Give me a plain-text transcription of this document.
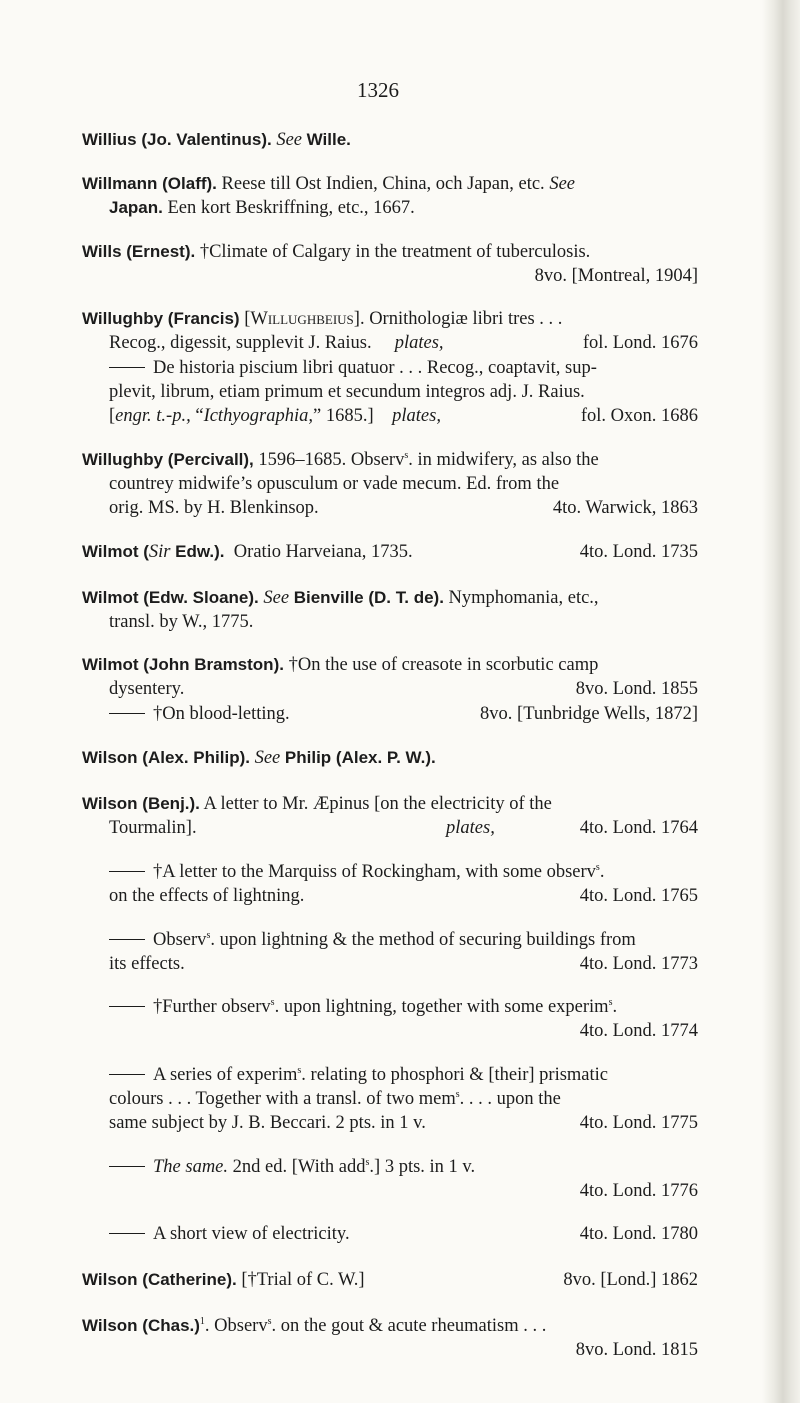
1326
Willius (Jo. Valentinus). See Wille.
Willmann (Olaff). Reese till Ost Indien, China, och Japan, etc. See
Japan. Een kort Beskriffning, etc., 1667.
Wills (Ernest). †Climate of Calgary in the treatment of tuberculosis.
8vo. [Montreal, 1904]
Willughby (Francis) [Willughbeius]. Ornithologiæ libri tres . . .
Recog., digessit, supplevit J. Raius. plates,	fol. Lond. 1676
De historia piscium libri quatuor . . . Recog., coaptavit, sup-
plevit, librum, etiam primum et secundum integros adj. J. Raius.
[engr. t.-p., “Icthyographia,” 1685.] plates,	fol. Oxon. 1686
Willughby (Percivall), 1596–1685. Observ$^s$. in midwifery, as also the
countrey midwife’s opusculum or vade mecum. Ed. from the
orig. MS. by H. Blenkinsop.	4to. Warwick, 1863
Wilmot (Sir Edw.). Oratio Harveiana, 1735.	4to. Lond. 1735
Wilmot (Edw. Sloane). See Bienville (D. T. de). Nymphomania, etc.,
transl. by W., 1775.
Wilmot (John Bramston). †On the use of creasote in scorbutic camp
dysentery.	8vo. Lond. 1855
†On blood-letting.	8vo. [Tunbridge Wells, 1872]
Wilson (Alex. Philip). See Philip (Alex. P. W.).
Wilson (Benj.). A letter to Mr. Æpinus [on the electricity of the
Tourmalin].	plates,	4to. Lond. 1764
†A letter to the Marquiss of Rockingham, with some observ$^s$.
on the effects of lightning.	4to. Lond. 1765
Observ$^s$. upon lightning & the method of securing buildings from
its effects.	4to. Lond. 1773
†Further observ$^s$. upon lightning, together with some experim$^s$.
4to. Lond. 1774
A series of experim$^s$. relating to phosphori & [their] prismatic
colours . . . Together with a transl. of two mem$^s$. . . . upon the
same subject by J. B. Beccari. 2 pts. in 1 v.	4to. Lond. 1775
The same. 2nd ed. [With add$^s$.] 3 pts. in 1 v.
4to. Lond. 1776
A short view of electricity.	4to. Lond. 1780
Wilson (Catherine). [†Trial of C. W.]	8vo. [Lond.] 1862
Wilson (Chas.)$^1$. Observ$^s$. on the gout & acute rheumatism . . .
8vo. Lond. 1815
